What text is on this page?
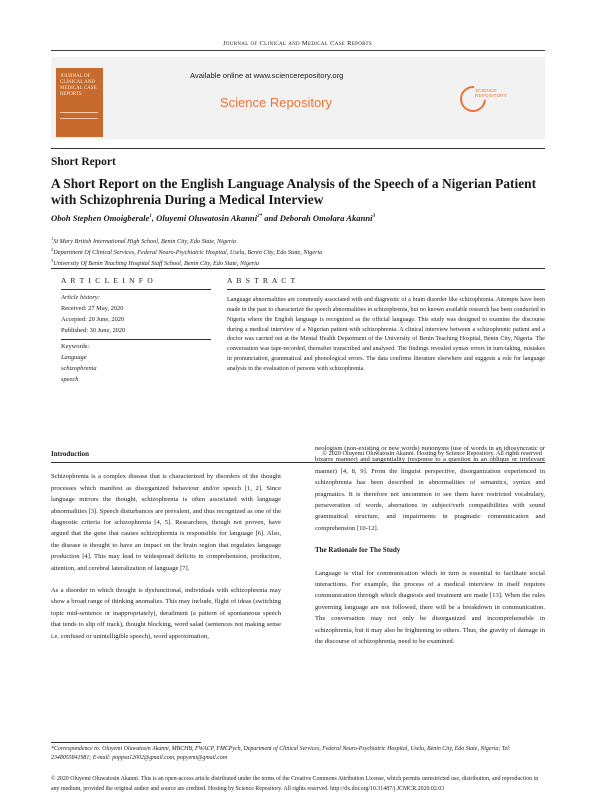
Journal of Clinical and Medical Case Reports
JOURNAL OF CLINICAL AND MEDICAL CASE REPORTS
Available online at www.sciencerepository.org
Science Repository
SCIENCE
REPOSITORY
Short Report
A Short Report on the English Language Analysis of the Speech of a Nigerian Patient with Schizophrenia During a Medical Interview
Oboh Stephen Omoigberale$^1$, Oluyemi Oluwatosin Akanni$^{2*}$ and Deborah Omolara Akanni$^3$
$^1$St Mary British International High School, Benin City, Edo State, Nigeria
$^2$Department Of Clinical Services, Federal Neuro-Psychiatric Hospital, Uselu, Benin City, Edo State, Nigeria
$^3$University Of Benin Teaching Hospital Staff School, Benin City, Edo State, Nigeria
A R T I C L E I N F O	A B S T R A C T
Article history:
Received: 27 May, 2020
Accepted: 20 June, 2020
Published: 30 June, 2020
Keywords:
Language
schizophrenia
speech
Language abnormalities are commonly associated with and diagnostic of a brain disorder like schizophrenia. Attempts have been made in the past to characterize the speech abnormalities in schizophrenia, but no known available research has been conducted in Nigeria where the English language is recognized as the official language. This study was designed to examine the discourse during a medical interview of a Nigerian patient with schizophrenia. A clinical interview between a schizophrenic patient and a doctor was carried out at the Mental Health Department of the University of Benin Teaching Hospital, Benin City, Nigeria. The conversation was tape-recorded, thereafter transcribed and analysed. The findings revealed syntax errors in turn-taking, mistakes in pronunciation, grammatical and phonological errors. The data confirms literature elsewhere and suggests a role for language analysis in the evaluation of persons with schizophrenia.
© 2020 Oluyemi Oluwatosin Akanni. Hosting by Science Repository. All rights reserved
Introduction

Schizophrenia is a complex disease that is characterized by disorders of the thought processes which manifest as disorganized behaviour and/or speech [1, 2]. Since language mirrors the thought, schizophrenia is often associated with language abnormalities [3]. Speech disturbances are prevalent, and thus recognized as one of the diagnostic criteria for schizophrenia [4, 5]. Researchers, though not proven, have argued that the gene that causes schizophrenia is responsible for language [6]. Also, the disease is thought to have an impact on the brain region that regulates language production [4]. This may lead to widespread deficits in comprehension, production, attention, and cerebral lateralization of language [7].

As a disorder in which thought is dysfunctional, individuals with schizophrenia may show a broad range of thinking anomalies. This may include, flight of ideas (switching topic mid-sentence or inappropriately), derailment (a pattern of spontaneous speech that tends to slip off track), thought blocking, word salad (sentences not making sense i.e. confused or unintelligible speech), word approximation,

neologism (non-existing or new words) metonyms (use of words in an idiosyncratic or bizarre manner) and tangentiality (response to a question in an oblique or irrelevant manner) [4, 8, 9]. From the linguist perspective, disorganization experienced in schizophrenia has been described in abnormalities of semantics, syntax and pragmatics. It is therefore not uncommon to see them have restricted vocabulary, perseveration of words, aberrations in subject/verb compatibilities with sound grammatical structure, and impairments in pragmatic communication and comprehension [10-12].

The Rationale for The Study

Language is vital for communication which in turn is essential to facilitate social interactions. For example, the process of a medical interview in itself requires communication through which diagnosis and treatment are made [13]. When the rules governing language are not followed, there will be a breakdown in communication. The conversation may not only be disorganized and incomprehensible in schizophrenia, but it may also be frightening to others. Thus, the gravity of damage in the discourse of schizophrenia, need to be examined.

*Correspondence to: Oluyemi Oluwatosin Akanni, MBCHB, FWACP, FMCPych, Department of Clinical Services, Federal Neuro-Psychiatric Hospital, Uselu, Benin City, Edo State, Nigeria; Tel: 2348055841981; E-mail: poppsa12002@gmail.com, popyemi@gmail.com
© 2020 Oluyemi Oluwatosin Akanni. This is an open-access article distributed under the terms of the Creative Commons Attribution License, which permits unrestricted use, distribution, and reproduction in any medium, provided the original author and source are credited. Hosting by Science Repository. All rights reserved. http://dx.doi.org/10.31487/j.JCMCR.2020.02.03
